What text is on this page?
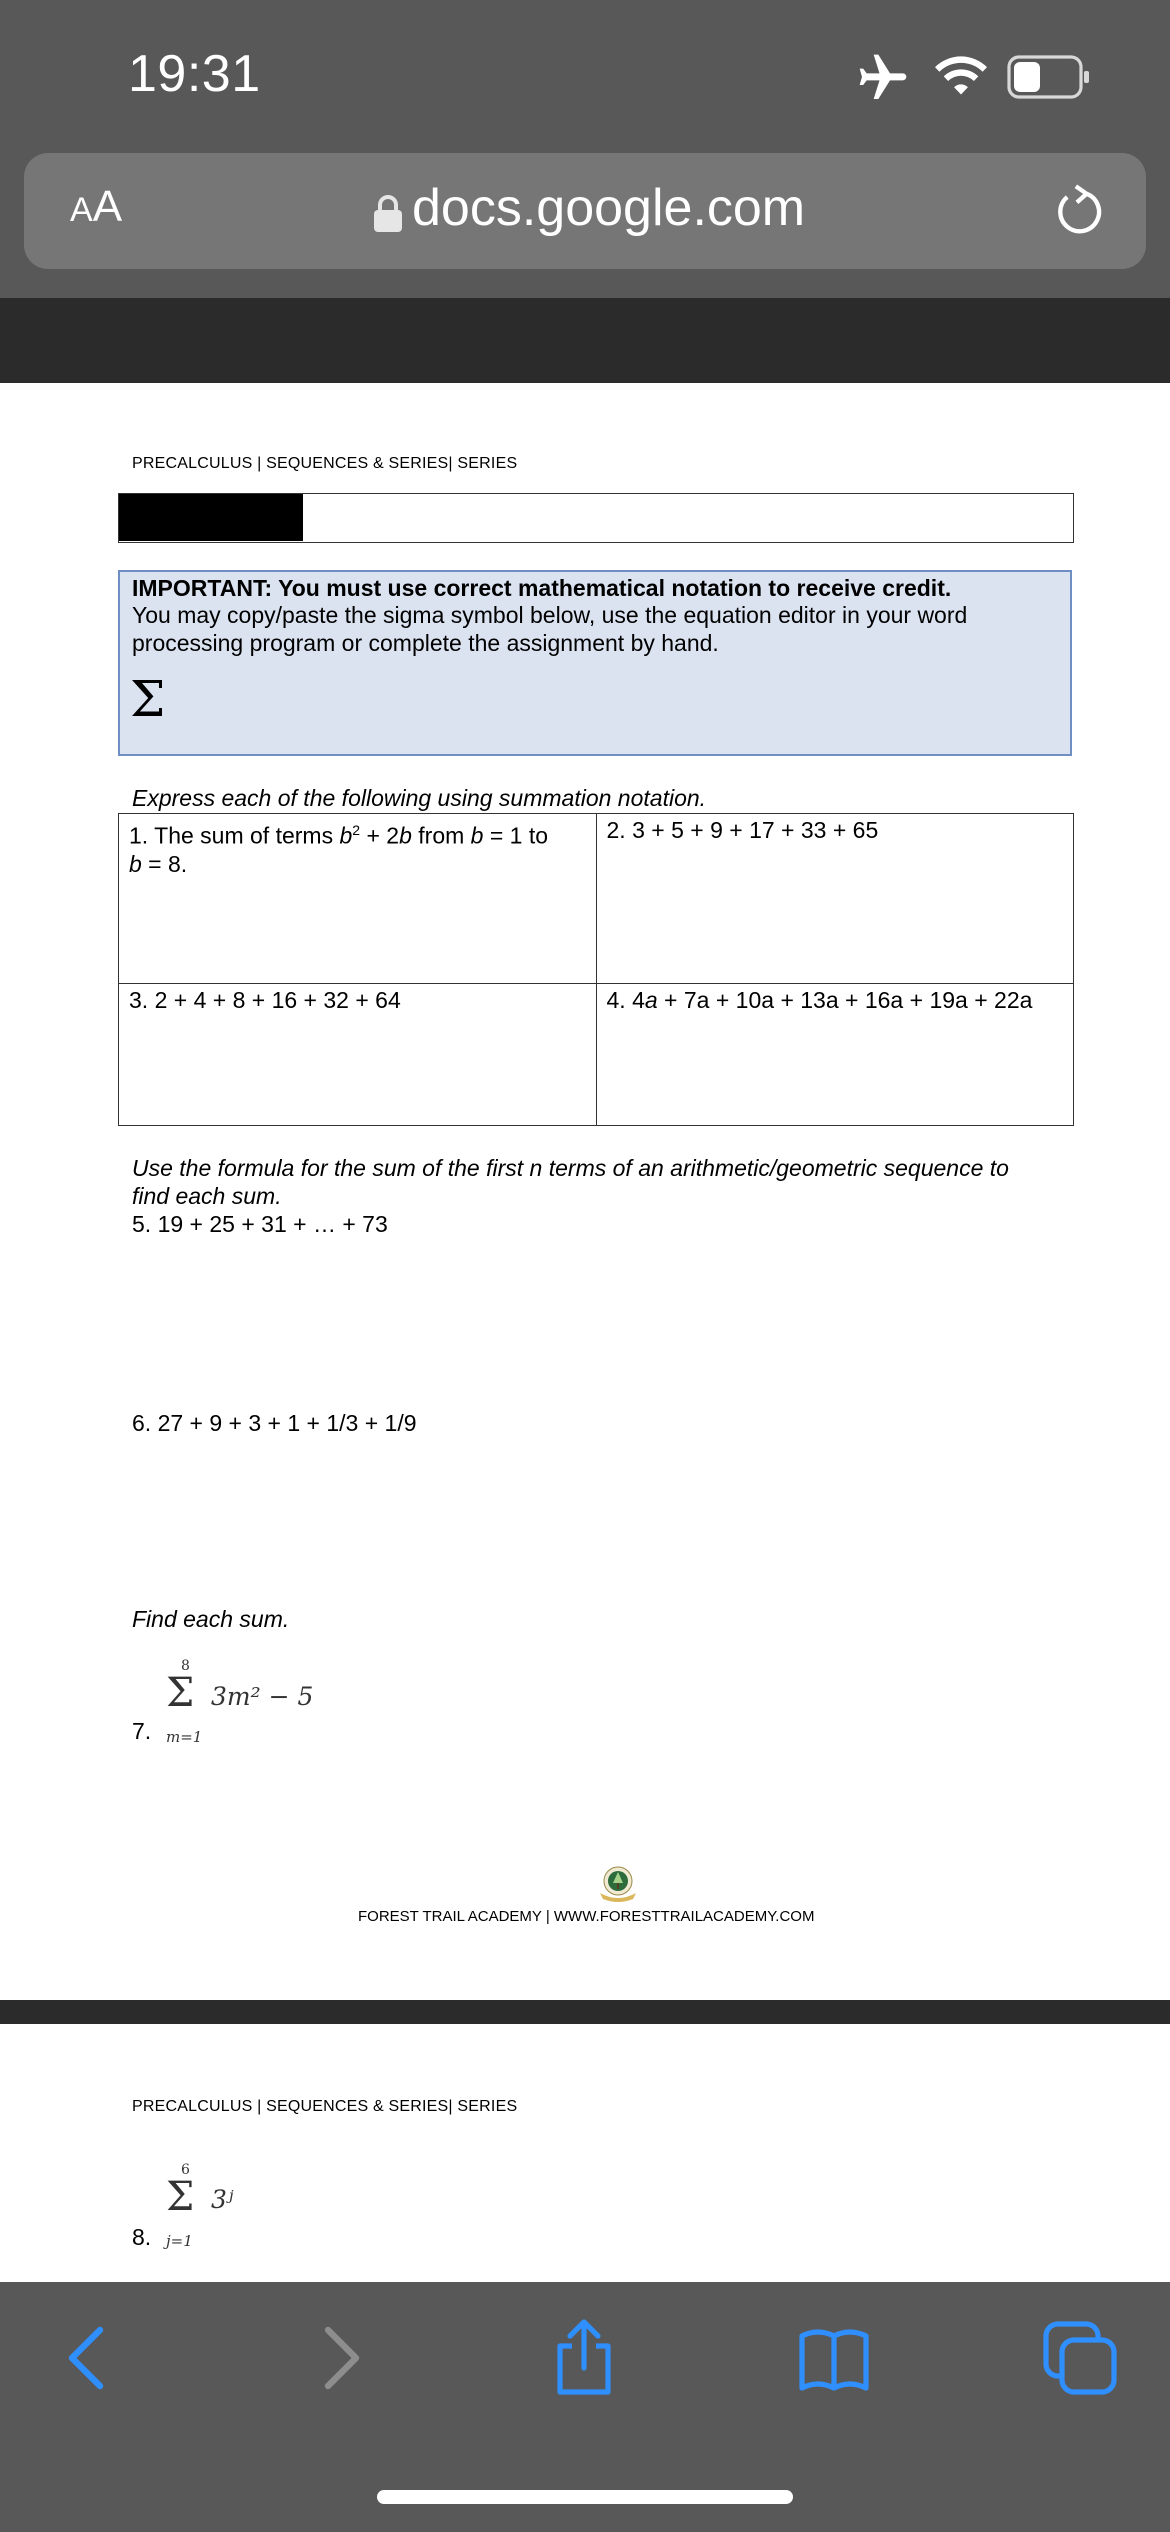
19:31
AA	docs.google.com
PRECALCULUS | SEQUENCES & SERIES| SERIES
IMPORTANT: You must use correct mathematical notation to receive credit.
You may copy/paste the sigma symbol below, use the equation editor in your word
processing program or complete the assignment by hand.
Σ
Express each of the following using summation notation.
1. The sum of terms $b^2 + 2b$ from b = 1 to
b = 8.	2. 3 + 5 + 9 + 17 + 33 + 65
3. 2 + 4 + 8 + 16 + 32 + 64	4. 4a + 7a + 10a + 13a + 16a + 19a + 22a
Use the formula for the sum of the first n terms of an arithmetic/geometric sequence to
find each sum.
5. 19 + 25 + 31 + … + 73
6. 27 + 9 + 3 + 1 + 1/3 + 1/9
Find each sum.
7.
8
Σ 3m² − 5
m=1
FOREST TRAIL ACADEMY | WWW.FORESTTRAILACADEMY.COM
PRECALCULUS | SEQUENCES & SERIES| SERIES
8.
6
Σ 3ʲ
j=1
